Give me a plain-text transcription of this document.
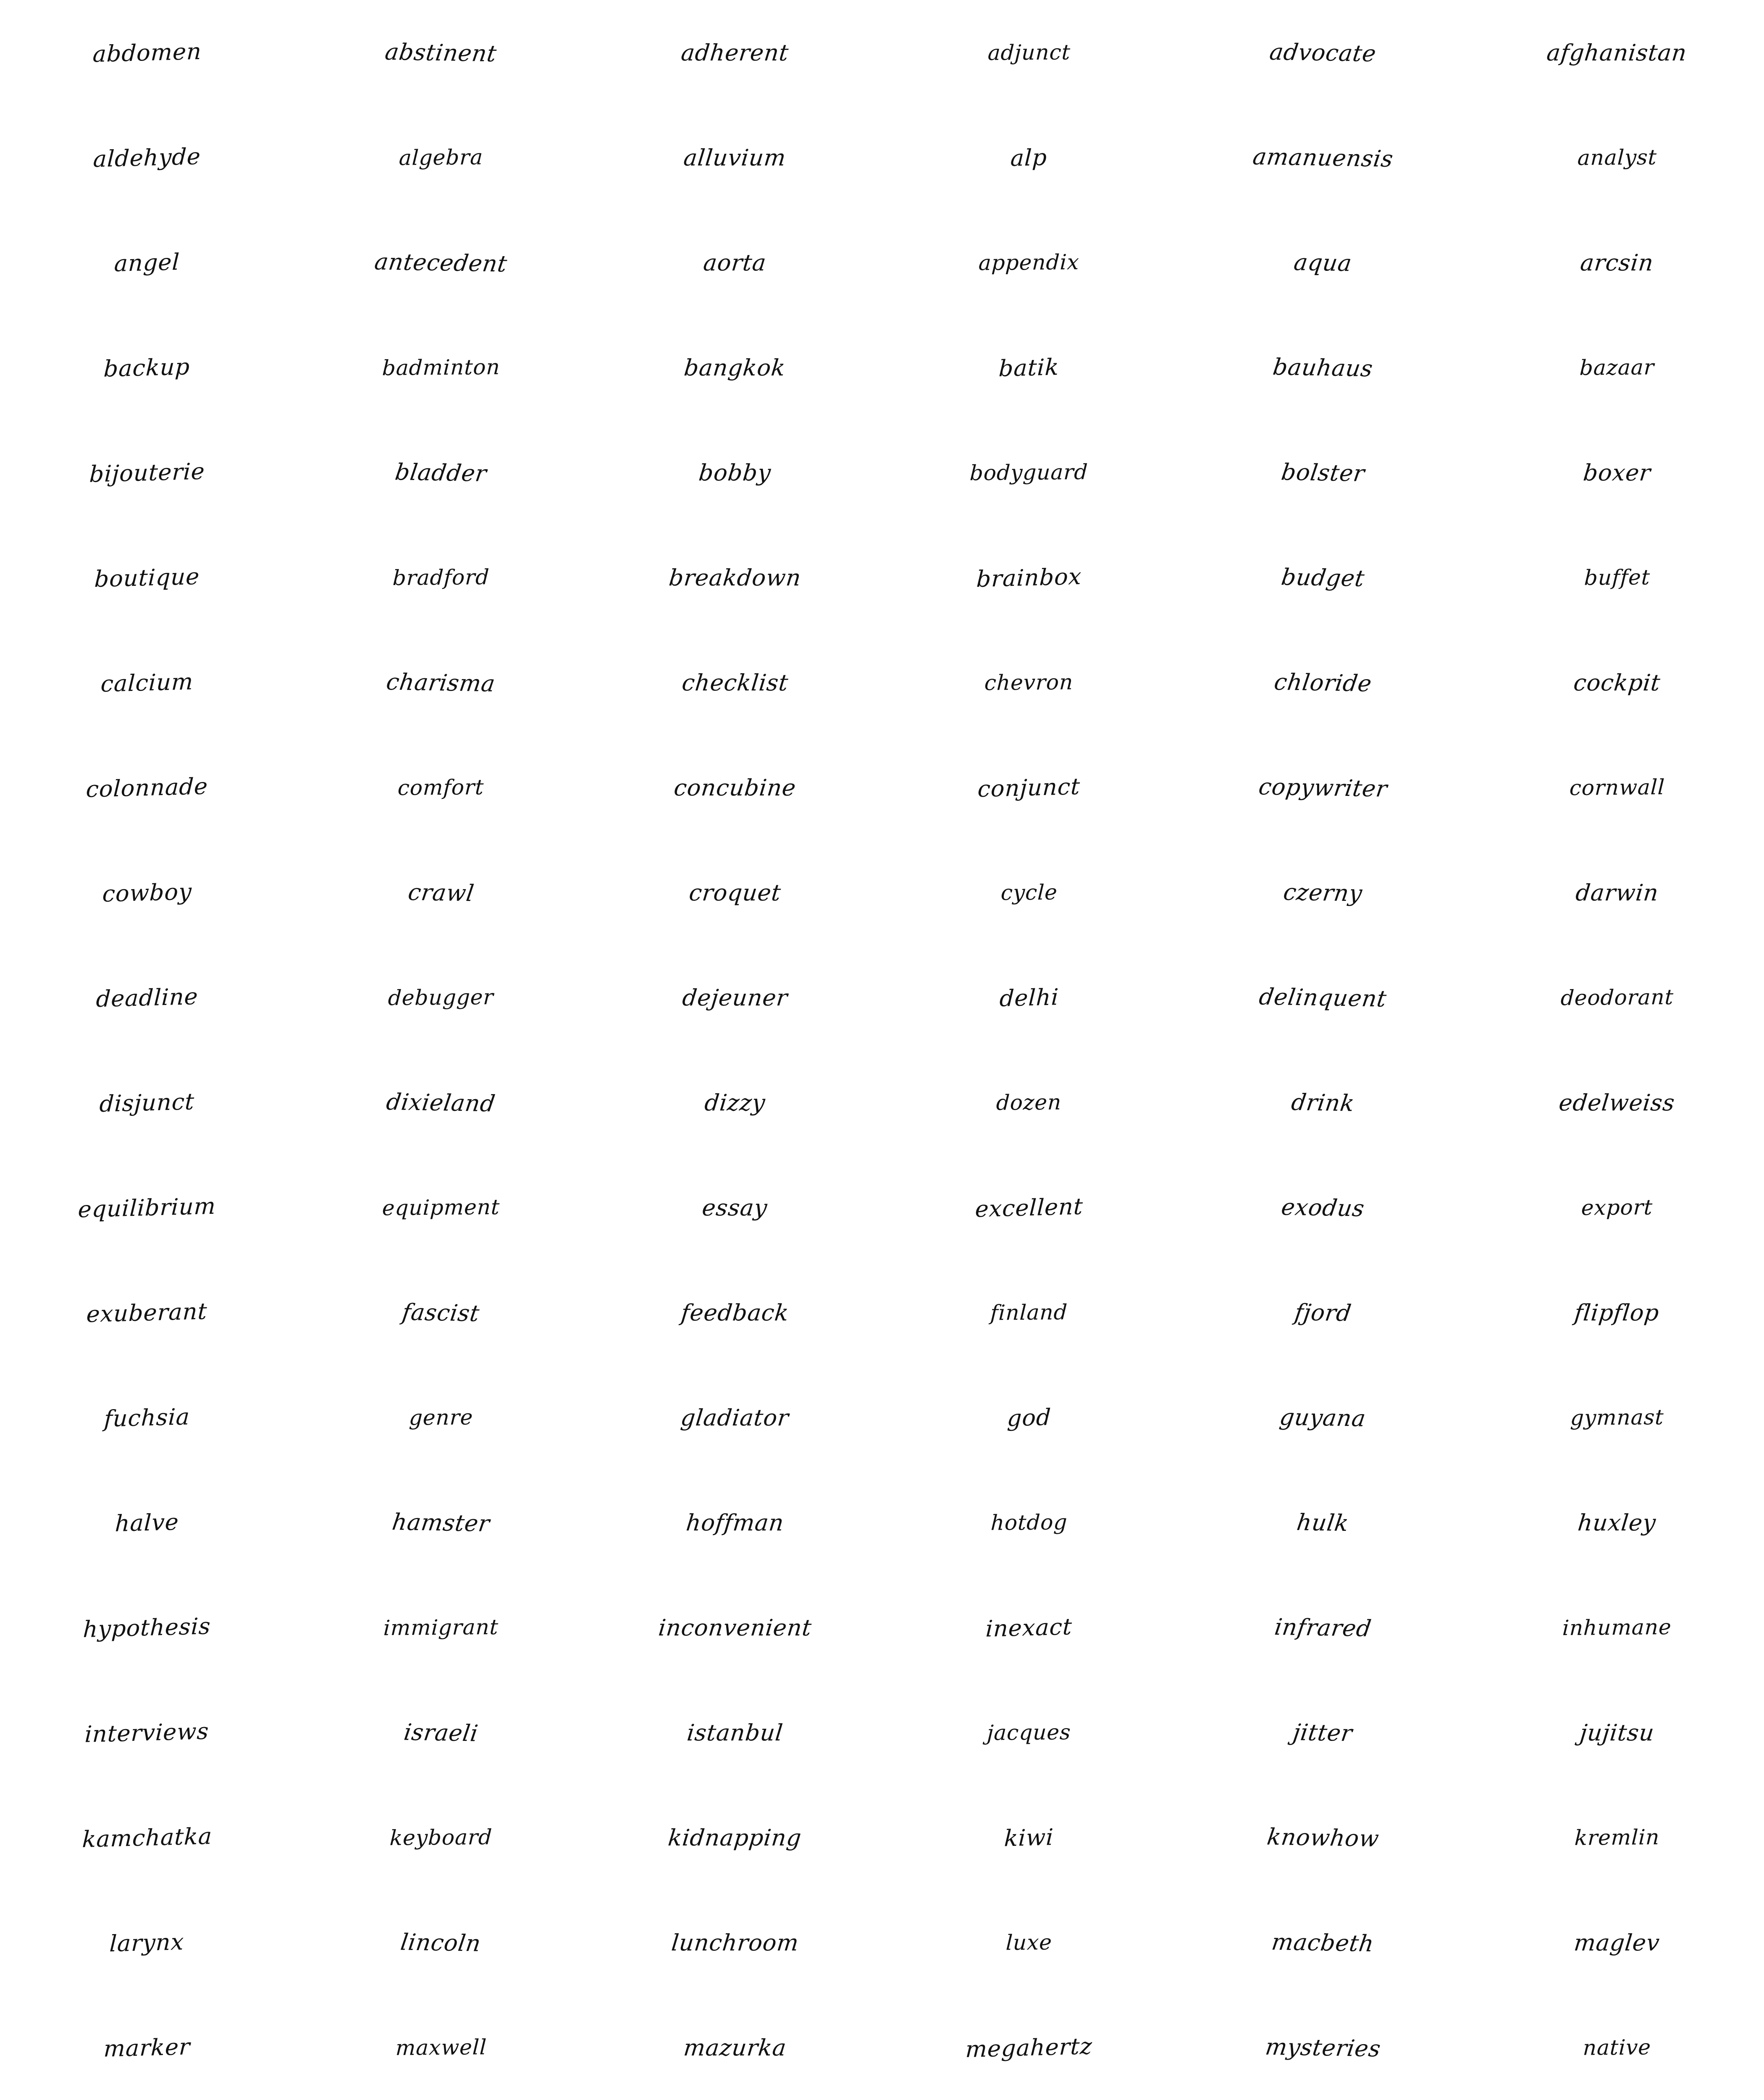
abdomen	abstinent	adherent	adjunct	advocate	afghanistan
aldehyde	algebra	alluvium	alp	amanuensis	analyst
angel	antecedent	aorta	appendix	aqua	arcsin
backup	badminton	bangkok	batik	bauhaus	bazaar
bijouterie	bladder	bobby	bodyguard	bolster	boxer
boutique	bradford	breakdown	brainbox	budget	buffet
calcium	charisma	checklist	chevron	chloride	cockpit
colonnade	comfort	concubine	conjunct	copywriter	cornwall
cowboy	crawl	croquet	cycle	czerny	darwin
deadline	debugger	dejeuner	delhi	delinquent	deodorant
disjunct	dixieland	dizzy	dozen	drink	edelweiss
equilibrium	equipment	essay	excellent	exodus	export
exuberant	fascist	feedback	finland	fjord	flipflop
fuchsia	genre	gladiator	god	guyana	gymnast
halve	hamster	hoffman	hotdog	hulk	huxley
hypothesis	immigrant	inconvenient	inexact	infrared	inhumane
interviews	israeli	istanbul	jacques	jitter	jujitsu
kamchatka	keyboard	kidnapping	kiwi	knowhow	kremlin
larynx	lincoln	lunchroom	luxe	macbeth	maglev
marker	maxwell	mazurka	megahertz	mysteries	native
